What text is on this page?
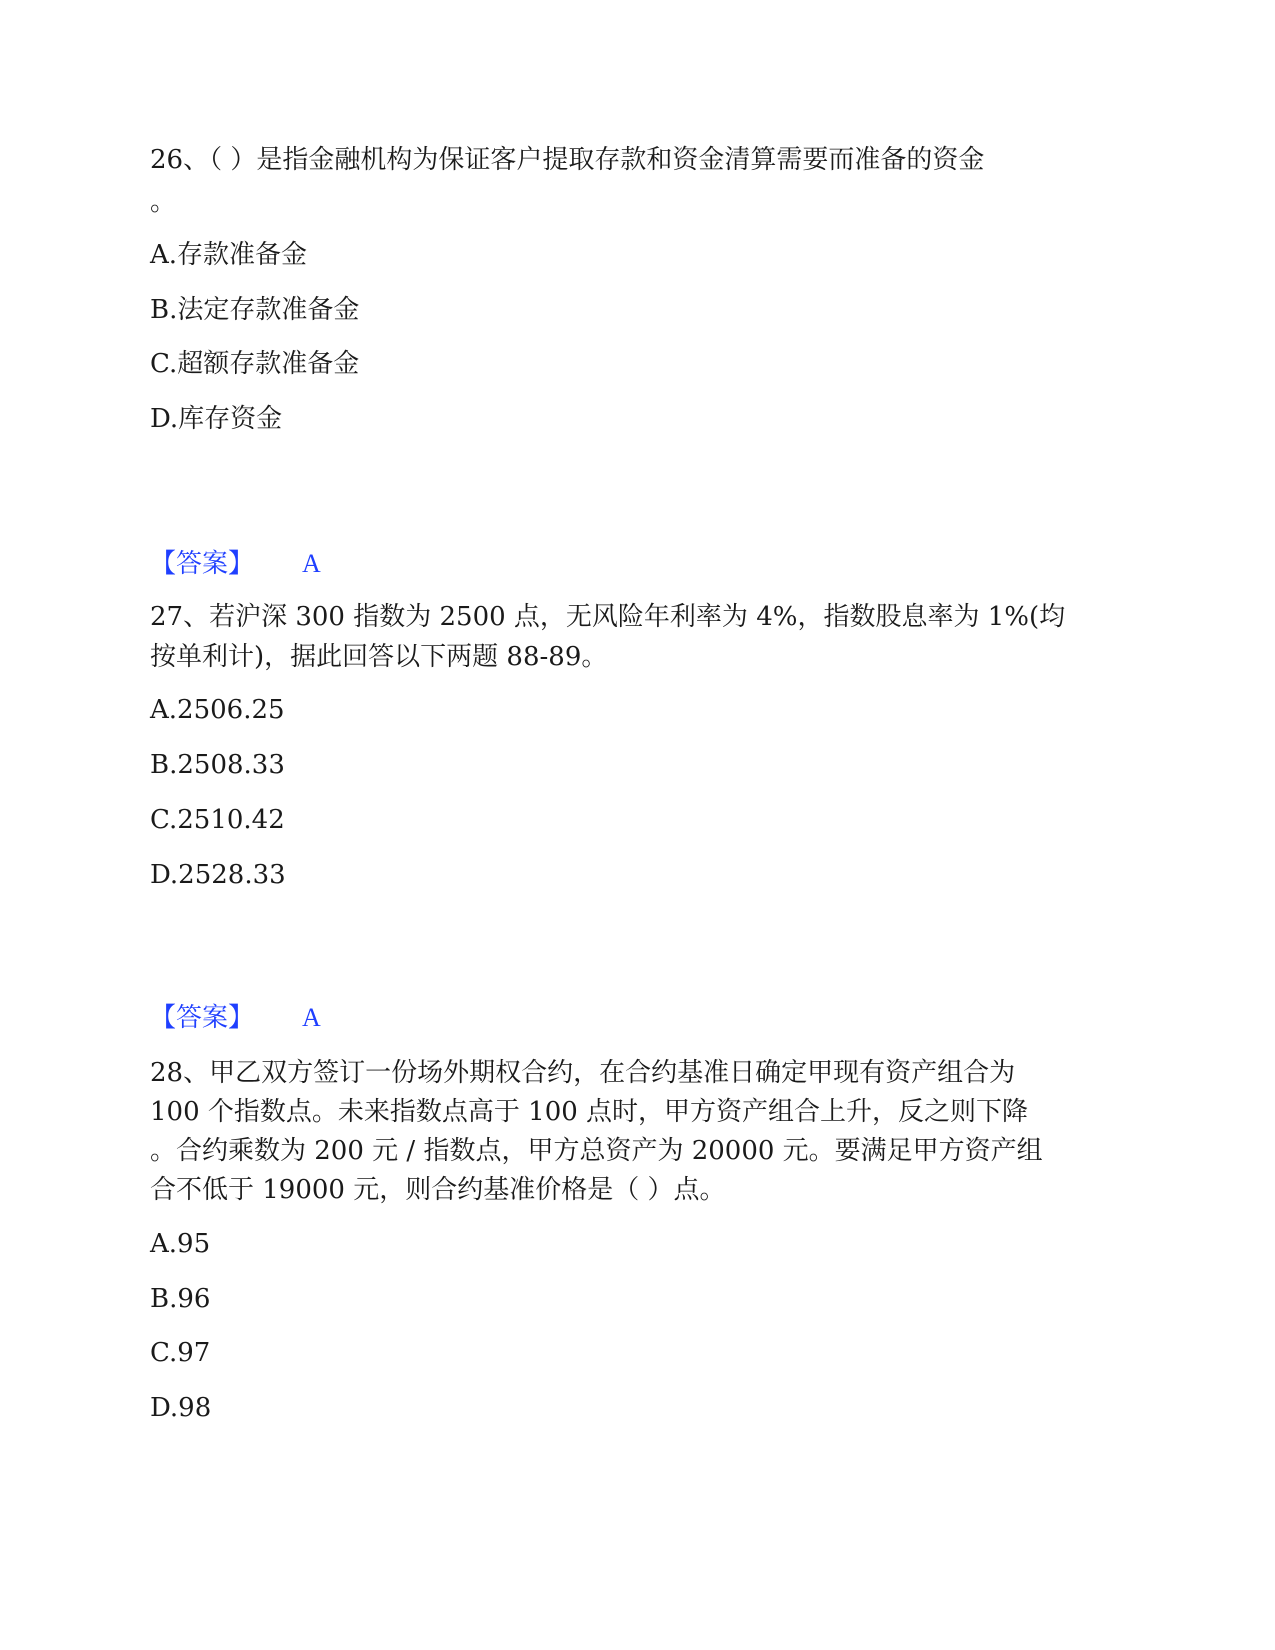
26、（ ）是指金融机构为保证客户提取存款和资金清算需要而准备的资金
。
A.存款准备金
B.法定存款准备金
C.超额存款准备金
D.库存资金
【答案】 A
27、若沪深 300 指数为 2500 点，无风险年利率为 4%，指数股息率为 1%(均
按单利计)，据此回答以下两题 88-89。
A.2506.25
B.2508.33
C.2510.42
D.2528.33
【答案】 A
28、甲乙双方签订一份场外期权合约，在合约基准日确定甲现有资产组合为
100 个指数点。未来指数点高于 100 点时，甲方资产组合上升，反之则下降
。合约乘数为 200 元 / 指数点，甲方总资产为 20000 元。要满足甲方资产组
合不低于 19000 元，则合约基准价格是（ ）点。
A.95
B.96
C.97
D.98
